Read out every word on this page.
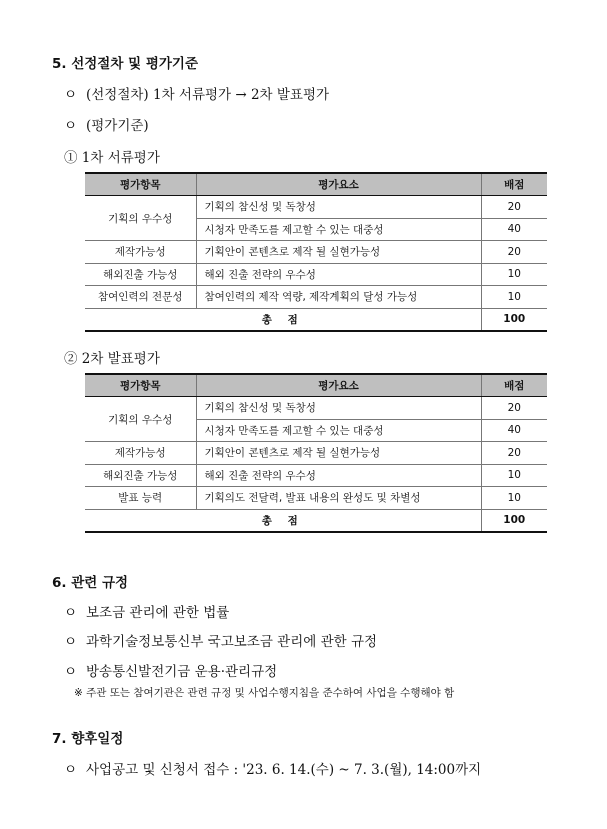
5. 선정절차 및 평가기준
ㅇ (선정절차) 1차 서류평가 → 2차 발표평가
ㅇ (평가기준)
① 1차 서류평가
평가항목	평가요소	배점
기획의 우수성	기획의 참신성 및 독창성	20
	시청자 만족도를 제고할 수 있는 대중성	40
제작가능성	기획안이 콘텐츠로 제작 될 실현가능성	20
해외진출 가능성	해외 진출 전략의 우수성	10
참여인력의 전문성	참여인력의 제작 역량, 제작계획의 달성 가능성	10
총 점		100
② 2차 발표평가
평가항목	평가요소	배점
기획의 우수성	기획의 참신성 및 독창성	20
	시청자 만족도를 제고할 수 있는 대중성	40
제작가능성	기획안이 콘텐츠로 제작 될 실현가능성	20
해외진출 가능성	해외 진출 전략의 우수성	10
발표 능력	기획의도 전달력, 발표 내용의 완성도 및 차별성	10
총 점		100
6. 관련 규정
ㅇ 보조금 관리에 관한 법률
ㅇ 과학기술정보통신부 국고보조금 관리에 관한 규정
ㅇ 방송통신발전기금 운용·관리규정
※ 주관 또는 참여기관은 관련 규정 및 사업수행지침을 준수하여 사업을 수행해야 함
7. 향후일정
ㅇ 사업공고 및 신청서 접수 : '23. 6. 14.(수) ~ 7. 3.(월), 14:00까지
